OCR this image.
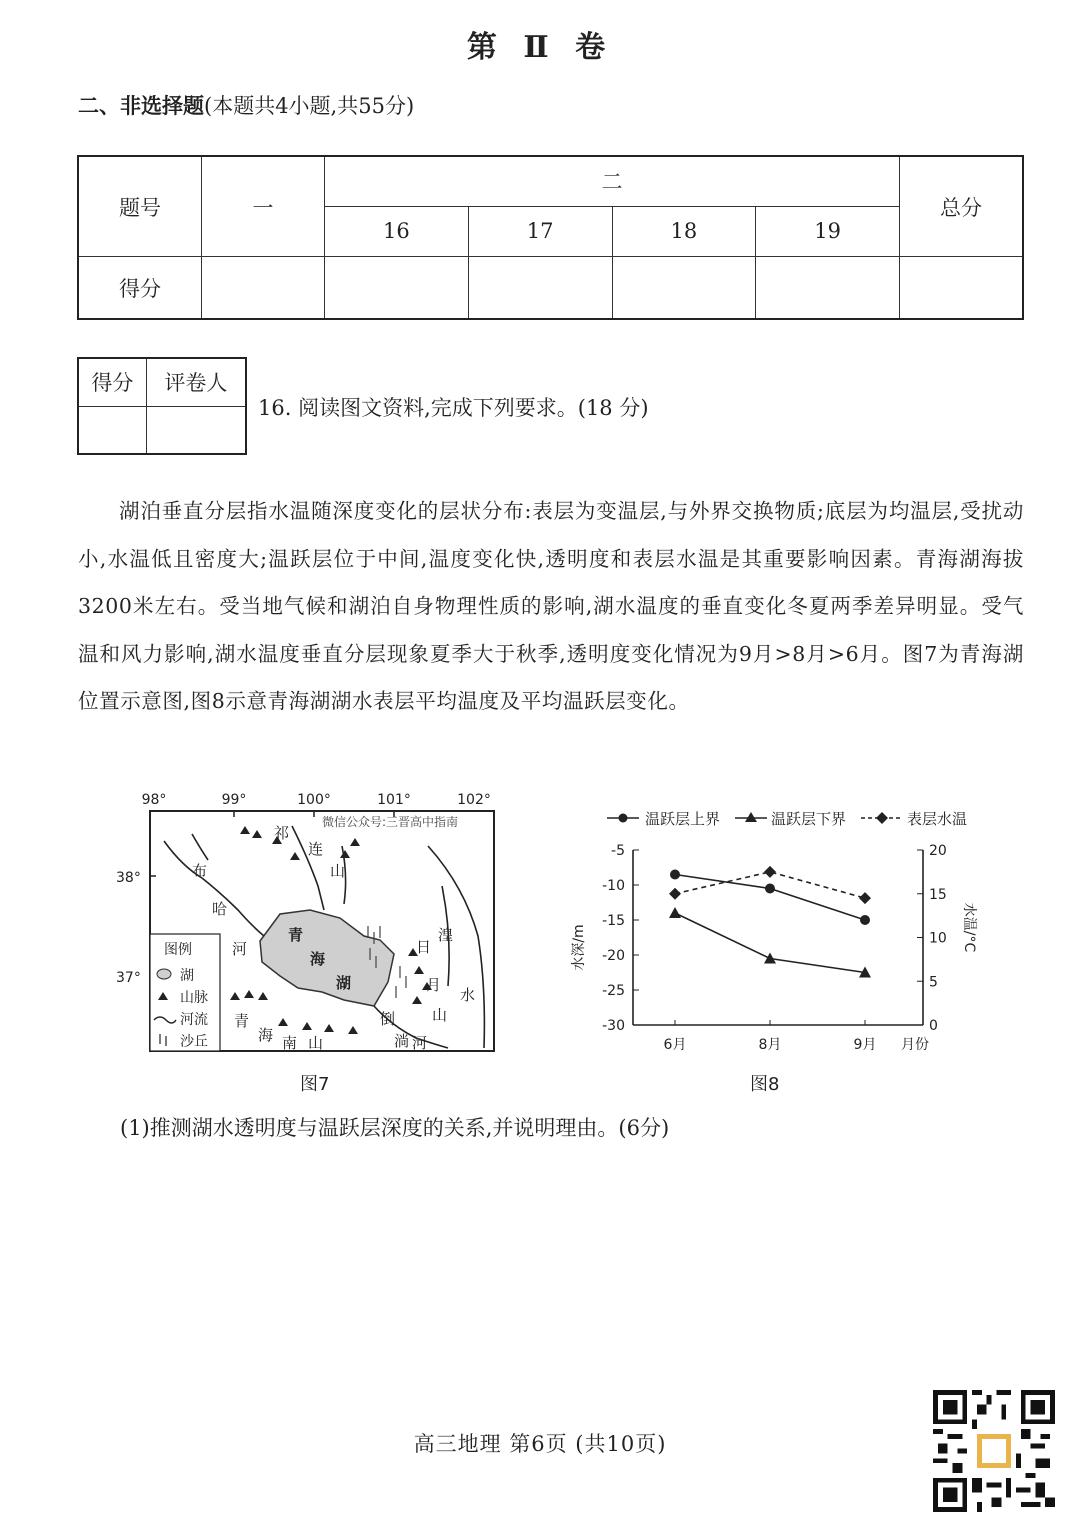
第 Ⅱ 卷
二、非选择题(本题共4小题,共55分)
题号	一	二				总分
		16	17	18	19	
得分						
得分	评卷人

16. 阅读图文资料,完成下列要求。(18 分)
湖泊垂直分层指水温随深度变化的层状分布:表层为变温层,与外界交换物质;底层为均温层,受扰动小,水温低且密度大;温跃层位于中间,温度变化快,透明度和表层水温是其重要影响因素。青海湖海拔3200米左右。受当地气候和湖泊自身物理性质的影响,湖水温度的垂直变化冬夏两季差异明显。受气温和风力影响,湖水温度垂直分层现象夏季大于秋季,透明度变化情况为9月>8月>6月。图7为青海湖位置示意图,图8示意青海湖湖水表层平均温度及平均温跃层变化。
98°	99°	100°	101°	102°
38°
37°
微信公众号:三晋高中指南
祁
连
山
布
哈
河
青
海
湖
日
月
山
湟
水
青
海 南 山
倒
淌 河
图例
湖
山脉
河流
沙丘
图7
温跃层上界	温跃层下界	表层水温
-5
-10
-15
-20
-25
-30
20
15
10
5
0
6月	8月	9月 月份
水深/m	水温/°C
图8
(1)推测湖水透明度与温跃层深度的关系,并说明理由。(6分)
高三地理 第6页 (共10页)
